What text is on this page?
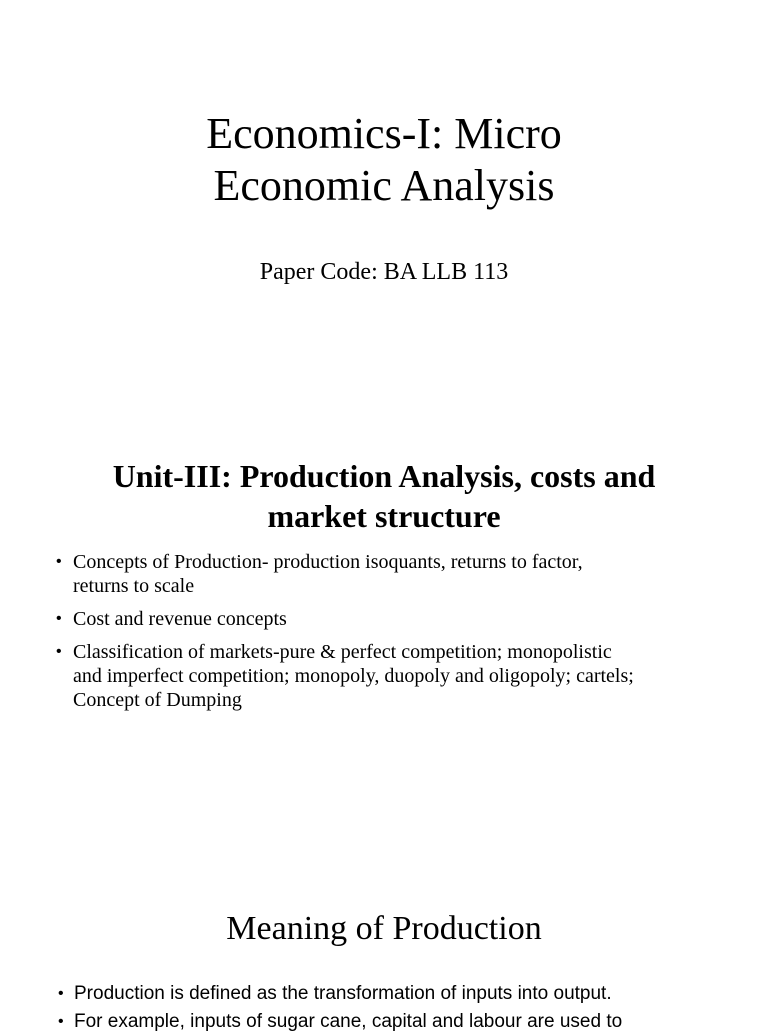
Economics-I: Micro
Economic Analysis
Paper Code: BA LLB 113
Unit-III: Production Analysis, costs and
market structure
• Concepts of Production- production isoquants, returns to factor,
returns to scale
• Cost and revenue concepts
• Classification of markets-pure & perfect competition; monopolistic
and imperfect competition; monopoly, duopoly and oligopoly; cartels;
Concept of Dumping
Meaning of Production
• Production is defined as the transformation of inputs into output.
• For example, inputs of sugar cane, capital and labour are used to
